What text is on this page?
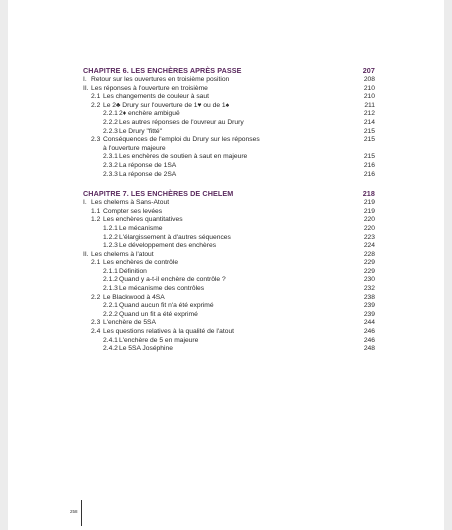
CHAPITRE 6. LES ENCHÈRES APRÈS PASSE	207
I. Retour sur les ouvertures en troisième position	208
II. Les réponses à l'ouverture en troisième	210
2.1 Les changements de couleur à saut	210
2.2 Le 2♣ Drury sur l'ouverture de 1♥ ou de 1♠	211
2.2.1 2♦ enchère ambiguë	212
2.2.2 Les autres réponses de l'ouvreur au Drury	214
2.2.3 Le Drury "fitté"	215
2.3 Conséquences de l'emploi du Drury sur les réponses	215
à l'ouverture majeure
2.3.1 Les enchères de soutien à saut en majeure	215
2.3.2 La réponse de 1SA	216
2.3.3 La réponse de 2SA	216
CHAPITRE 7. LES ENCHÈRES DE CHELEM	218
I. Les chelems à Sans-Atout	219
1.1 Compter ses levées	219
1.2 Les enchères quantitatives	220
1.2.1 Le mécanisme	220
1.2.2 L'élargissement à d'autres séquences	223
1.2.3 Le développement des enchères	224
II. Les chelems à l'atout	228
2.1 Les enchères de contrôle	229
2.1.1 Définition	229
2.1.2 Quand y a-t-il enchère de contrôle ?	230
2.1.3 Le mécanisme des contrôles	232
2.2 Le Blackwood à 4SA	238
2.2.1 Quand aucun fit n'a été exprimé	239
2.2.2 Quand un fit a été exprimé	239
2.3 L'enchère de 5SA	244
2.4 Les questions relatives à la qualité de l'atout	246
2.4.1 L'enchère de 5 en majeure	246
2.4.2 Le 5SA Joséphine	248
258
